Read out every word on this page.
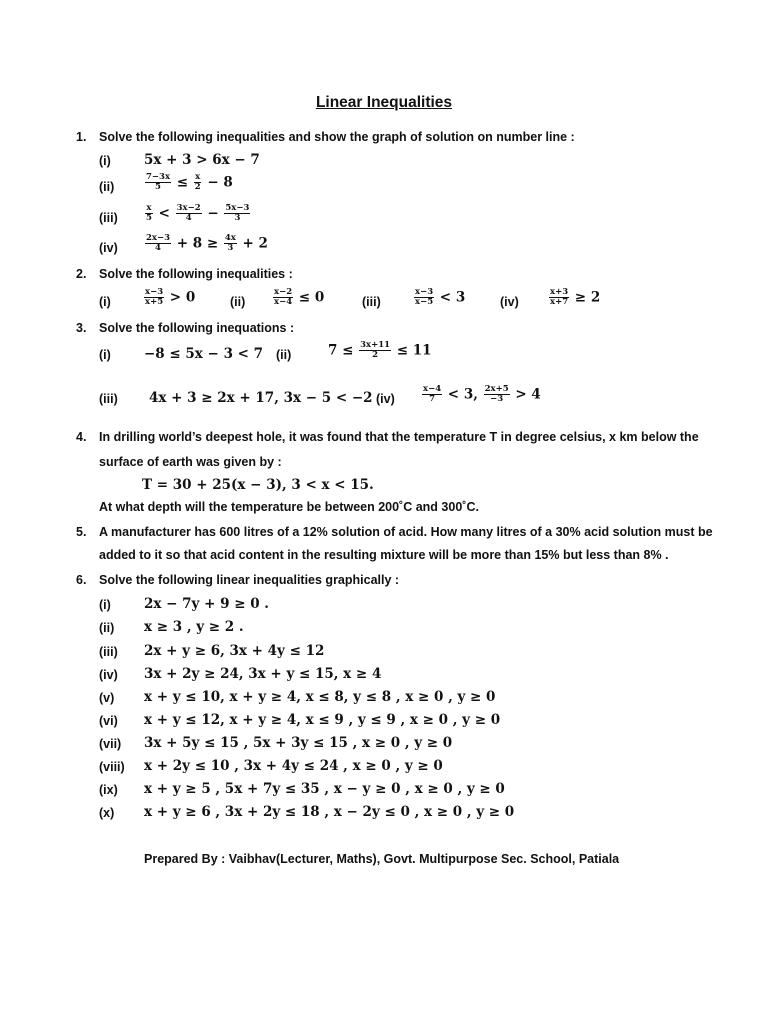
Linear Inequalities
1. Solve the following inequalities and show the graph of solution on number line :
(i) 5x + 3 > 6x − 7
(ii)	$\frac{7-3x}{5} \le \frac{x}{2} - 8$
(iii)	$\frac{x}{5} < \frac{3x-2}{4} - \frac{5x-3}{3}$
(iv)	$\frac{2x-3}{4} + 8 \ge \frac{4x}{3} + 2$
2. Solve the following inequalities :
(i)	$\frac{x-3}{x+5} > 0$	(ii)	$\frac{x-2}{x-4} \le 0$	(iii)	$\frac{x-3}{x-5} < 3$	(iv)	$\frac{x+3}{x+7} \ge 2$
3. Solve the following inequations :
(i) −8 ≤ 5x − 3 < 7 (ii)	$7 \le \frac{3x+11}{2} \le 11$
(iii) 4x + 3 ≥ 2x + 17, 3x − 5 < −2 (iv)	$\frac{x-4}{7} < 3$, $\frac{2x+5}{-3} > 4$
4. In drilling world’s deepest hole, it was found that the temperature T in degree celsius, x km below the
surface of earth was given by :
T = 30 + 25(x − 3), 3 < x < 15.
At what depth will the temperature be between 200˚C and 300˚C.
5. A manufacturer has 600 litres of a 12% solution of acid. How many litres of a 30% acid solution must be
added to it so that acid content in the resulting mixture will be more than 15% but less than 8% .
6. Solve the following linear inequalities graphically :
(i) 2x − 7y + 9 ≥ 0 .
(ii) x ≥ 3 , y ≥ 2 .
(iii) 2x + y ≥ 6, 3x + 4y ≤ 12
(iv) 3x + 2y ≥ 24, 3x + y ≤ 15, x ≥ 4
(v) x + y ≤ 10, x + y ≥ 4, x ≤ 8, y ≤ 8 , x ≥ 0 , y ≥ 0
(vi) x + y ≤ 12, x + y ≥ 4, x ≤ 9 , y ≤ 9 , x ≥ 0 , y ≥ 0
(vii) 3x + 5y ≤ 15 , 5x + 3y ≤ 15 , x ≥ 0 , y ≥ 0
(viii) x + 2y ≤ 10 , 3x + 4y ≤ 24 , x ≥ 0 , y ≥ 0
(ix) x + y ≥ 5 , 5x + 7y ≤ 35 , x − y ≥ 0 , x ≥ 0 , y ≥ 0
(x) x + y ≥ 6 , 3x + 2y ≤ 18 , x − 2y ≤ 0 , x ≥ 0 , y ≥ 0
Prepared By : Vaibhav(Lecturer, Maths), Govt. Multipurpose Sec. School, Patiala
